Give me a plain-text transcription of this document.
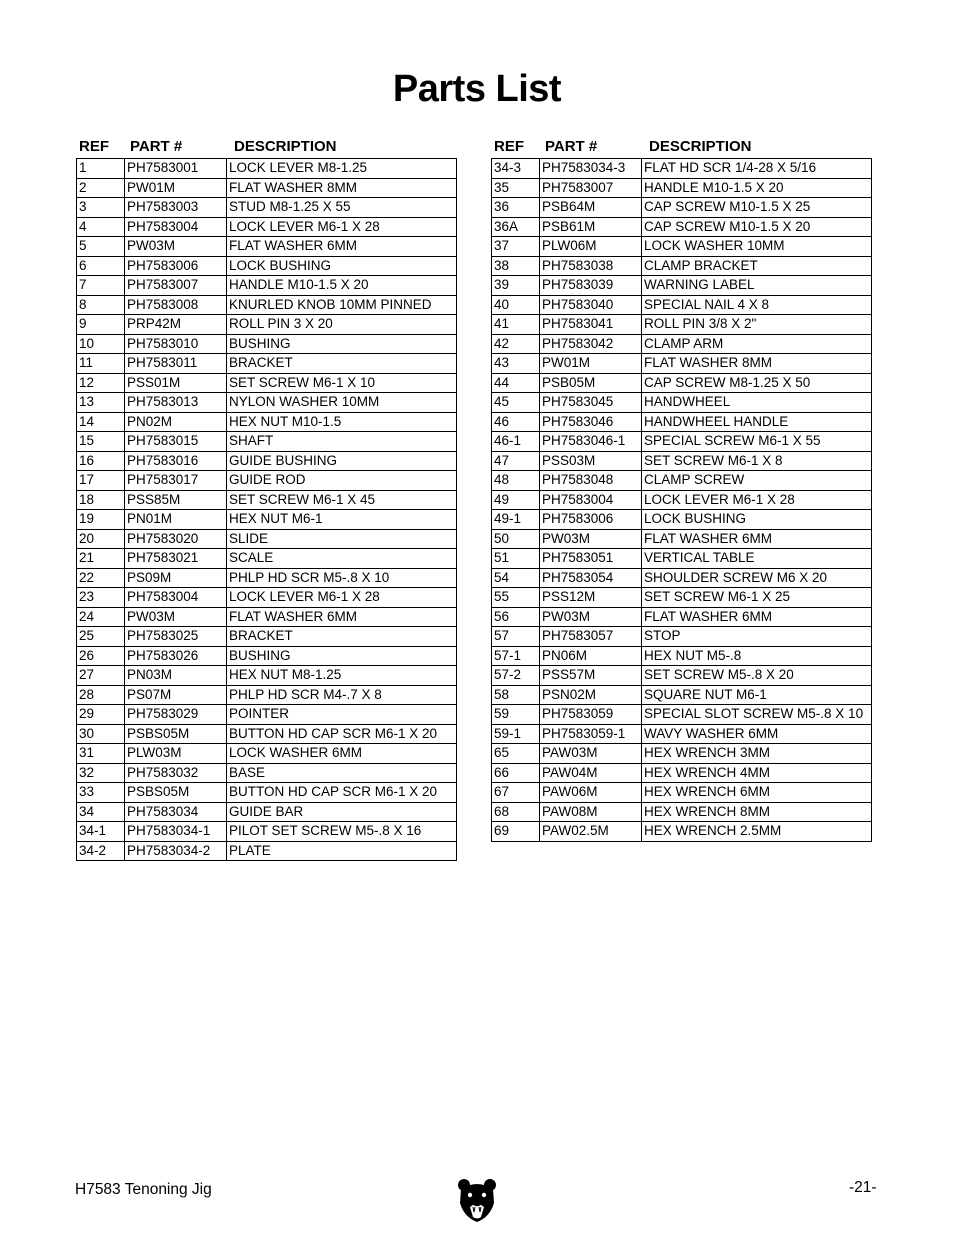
Parts List
REF	PART #	DESCRIPTION
1	PH7583001	LOCK LEVER M8-1.25
2	PW01M	FLAT WASHER 8MM
3	PH7583003	STUD M8-1.25 X 55
4	PH7583004	LOCK LEVER M6-1 X 28
5	PW03M	FLAT WASHER 6MM
6	PH7583006	LOCK BUSHING
7	PH7583007	HANDLE M10-1.5 X 20
8	PH7583008	KNURLED KNOB 10MM PINNED
9	PRP42M	ROLL PIN 3 X 20
10	PH7583010	BUSHING
11	PH7583011	BRACKET
12	PSS01M	SET SCREW M6-1 X 10
13	PH7583013	NYLON WASHER 10MM
14	PN02M	HEX NUT M10-1.5
15	PH7583015	SHAFT
16	PH7583016	GUIDE BUSHING
17	PH7583017	GUIDE ROD
18	PSS85M	SET SCREW M6-1 X 45
19	PN01M	HEX NUT M6-1
20	PH7583020	SLIDE
21	PH7583021	SCALE
22	PS09M	PHLP HD SCR M5-.8 X 10
23	PH7583004	LOCK LEVER M6-1 X 28
24	PW03M	FLAT WASHER 6MM
25	PH7583025	BRACKET
26	PH7583026	BUSHING
27	PN03M	HEX NUT M8-1.25
28	PS07M	PHLP HD SCR M4-.7 X 8
29	PH7583029	POINTER
30	PSBS05M	BUTTON HD CAP SCR M6-1 X 20
31	PLW03M	LOCK WASHER 6MM
32	PH7583032	BASE
33	PSBS05M	BUTTON HD CAP SCR M6-1 X 20
34	PH7583034	GUIDE BAR
34-1	PH7583034-1	PILOT SET SCREW M5-.8 X 16
34-2	PH7583034-2	PLATE
REF	PART #	DESCRIPTION
34-3	PH7583034-3	FLAT HD SCR 1/4-28 X 5/16
35	PH7583007	HANDLE M10-1.5 X 20
36	PSB64M	CAP SCREW M10-1.5 X 25
36A	PSB61M	CAP SCREW M10-1.5 X 20
37	PLW06M	LOCK WASHER 10MM
38	PH7583038	CLAMP BRACKET
39	PH7583039	WARNING LABEL
40	PH7583040	SPECIAL NAIL 4 X 8
41	PH7583041	ROLL PIN 3/8 X 2"
42	PH7583042	CLAMP ARM
43	PW01M	FLAT WASHER 8MM
44	PSB05M	CAP SCREW M8-1.25 X 50
45	PH7583045	HANDWHEEL
46	PH7583046	HANDWHEEL HANDLE
46-1	PH7583046-1	SPECIAL SCREW M6-1 X 55
47	PSS03M	SET SCREW M6-1 X 8
48	PH7583048	CLAMP SCREW
49	PH7583004	LOCK LEVER M6-1 X 28
49-1	PH7583006	LOCK BUSHING
50	PW03M	FLAT WASHER 6MM
51	PH7583051	VERTICAL TABLE
54	PH7583054	SHOULDER SCREW M6 X 20
55	PSS12M	SET SCREW M6-1 X 25
56	PW03M	FLAT WASHER 6MM
57	PH7583057	STOP
57-1	PN06M	HEX NUT M5-.8
57-2	PSS57M	SET SCREW M5-.8 X 20
58	PSN02M	SQUARE NUT M6-1
59	PH7583059	SPECIAL SLOT SCREW M5-.8 X 10
59-1	PH7583059-1	WAVY WASHER 6MM
65	PAW03M	HEX WRENCH 3MM
66	PAW04M	HEX WRENCH 4MM
67	PAW06M	HEX WRENCH 6MM
68	PAW08M	HEX WRENCH 8MM
69	PAW02.5M	HEX WRENCH 2.5MM
H7583 Tenoning Jig	-21-
